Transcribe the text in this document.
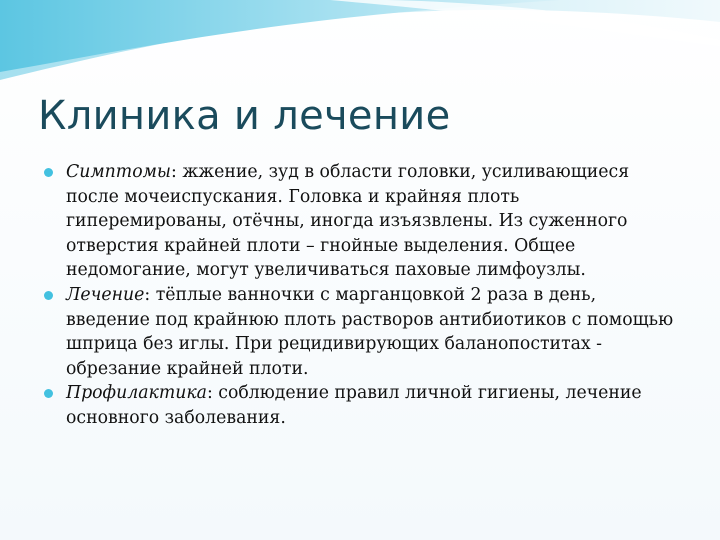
Клиника и лечение
Симптомы: жжение, зуд в области головки, усиливающиеся после мочеиспускания. Головка и крайняя плоть гиперемированы, отёчны, иногда изъязвлены. Из суженного отверстия крайней плоти – гнойные выделения. Общее недомогание, могут увеличиваться паховые лимфоузлы.
Лечение: тёплые ванночки с марганцовкой 2 раза в день, введение под крайнюю плоть растворов антибиотиков с помощью шприца без иглы. При рецидивирующих баланопоститах - обрезание крайней плоти.
Профилактика: соблюдение правил личной гигиены, лечение основного заболевания.
